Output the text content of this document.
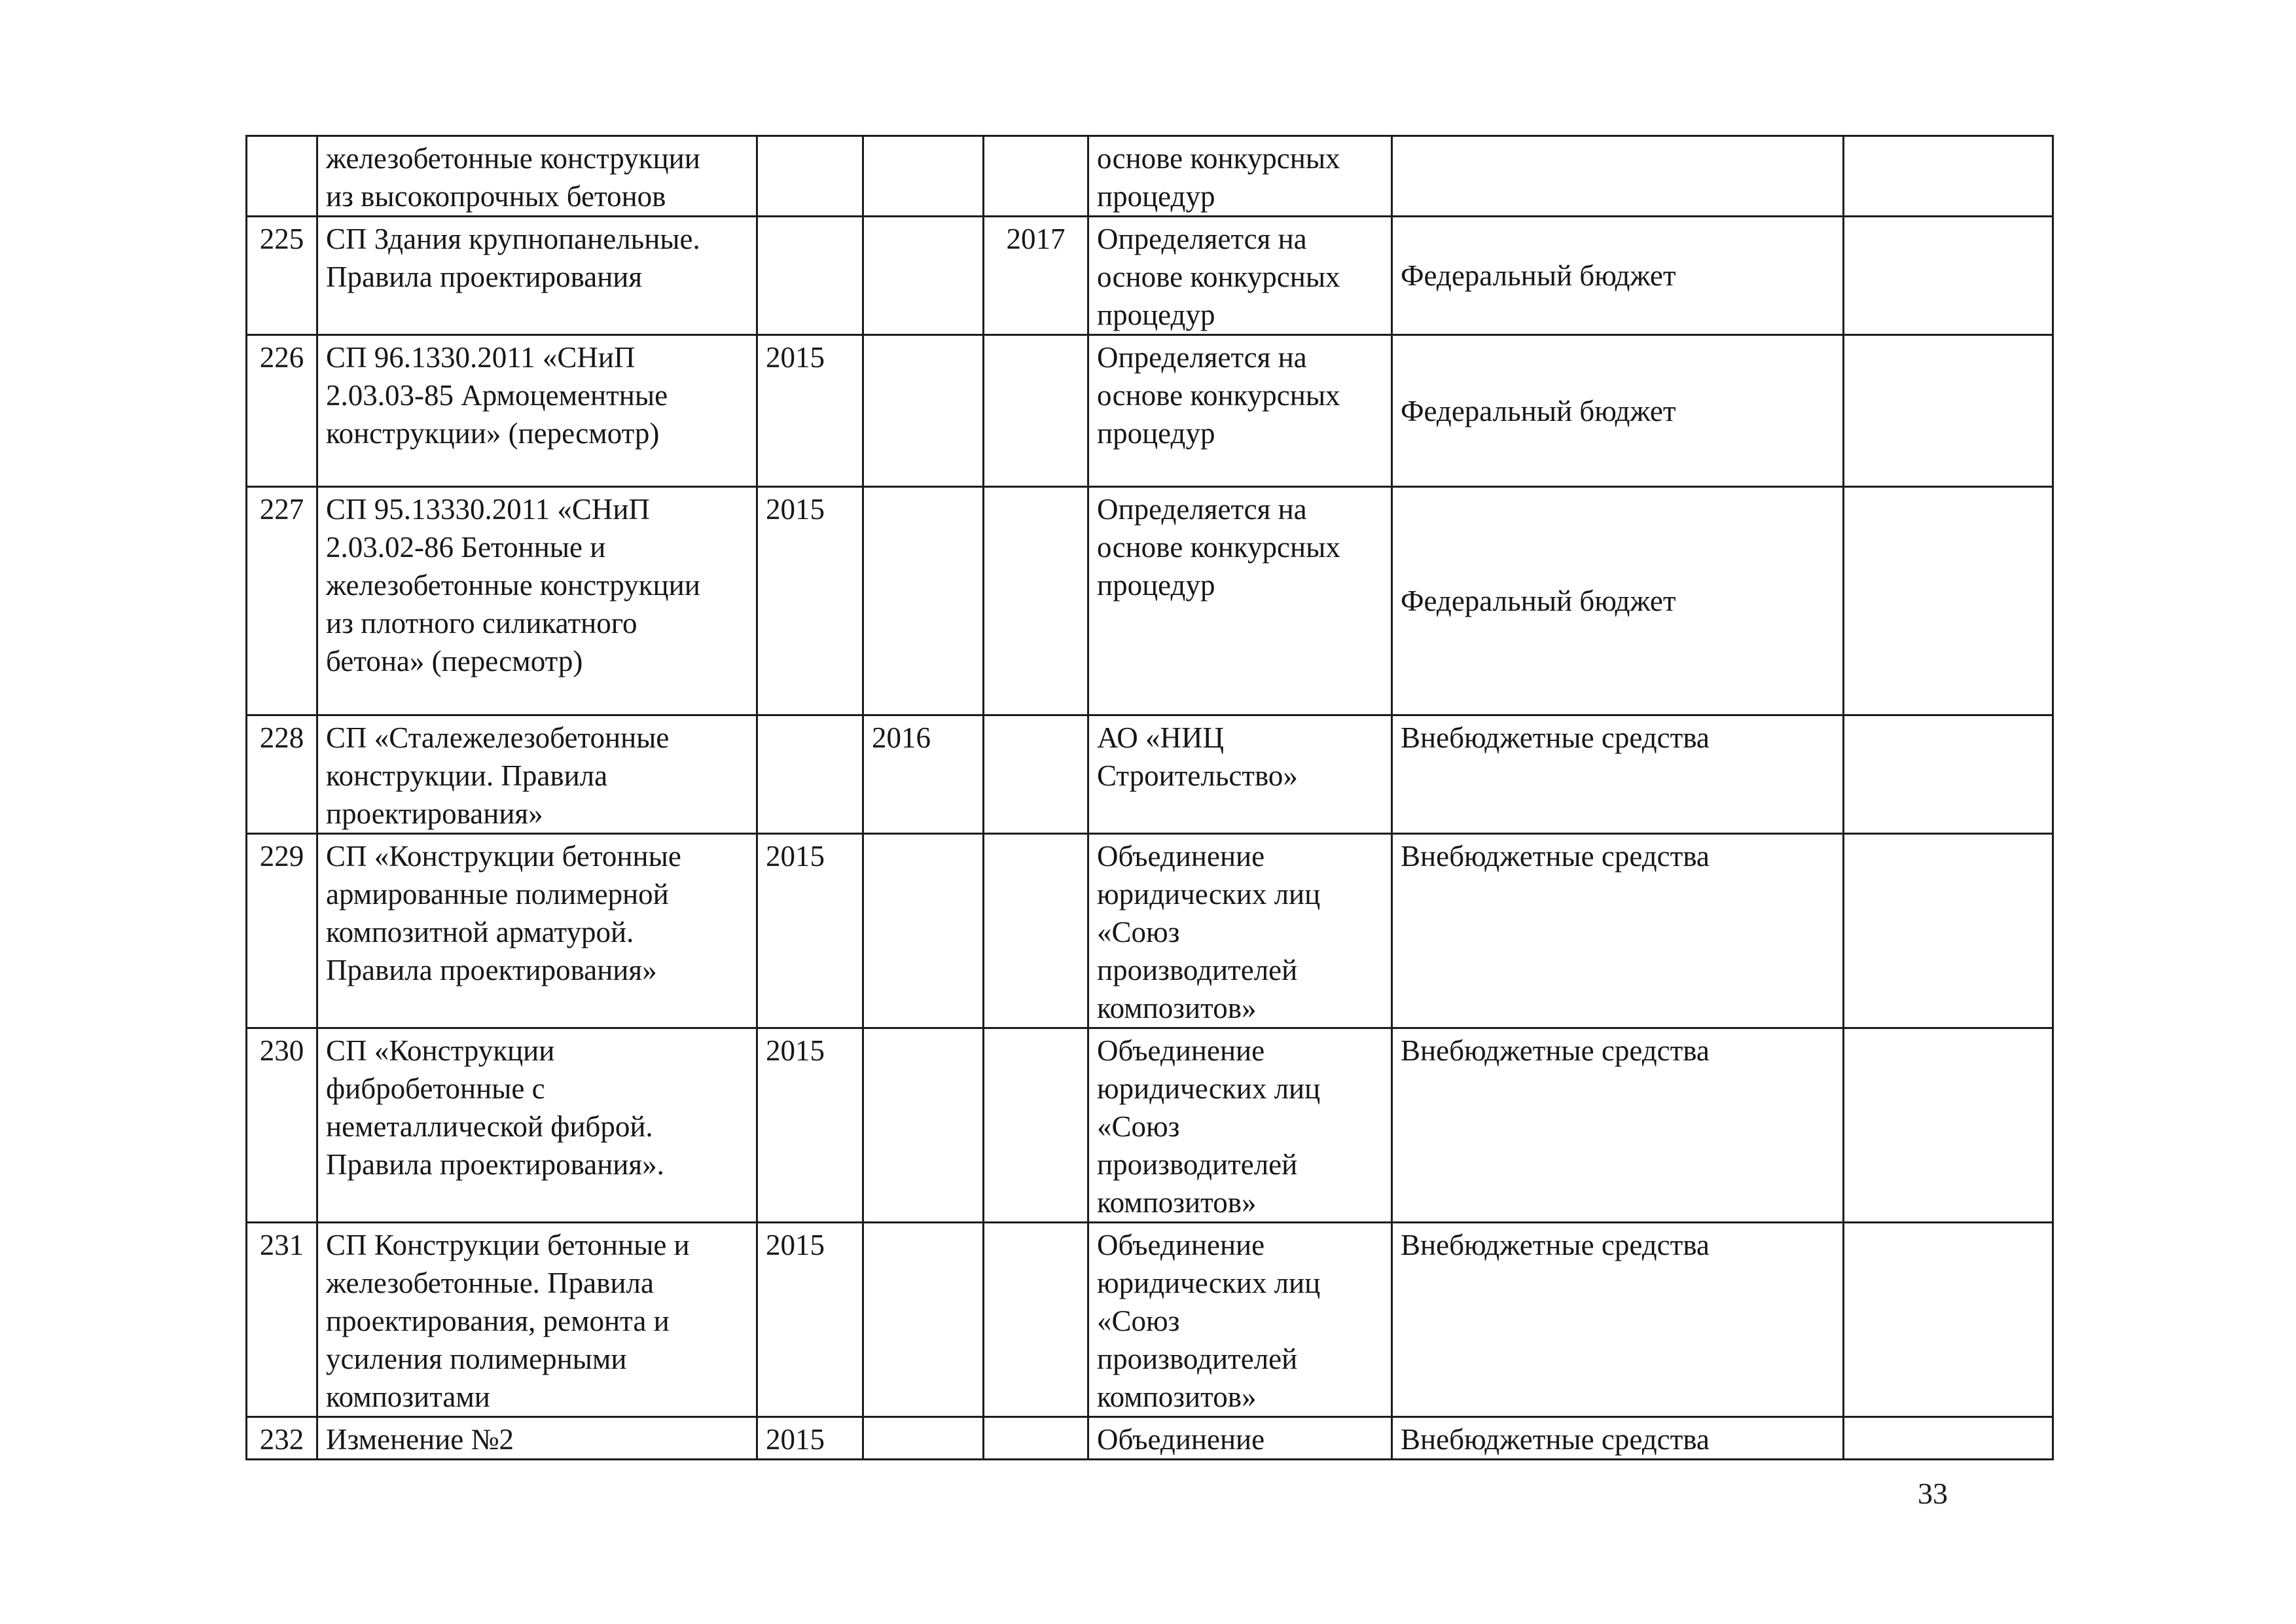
	железобетонные конструкции
из высокопрочных бетонов				основе конкурсных
процедур		
225	СП Здания крупнопанельные.
Правила проектирования			2017	Определяется на
основе конкурсных
процедур	Федеральный бюджет	
226	СП 96.1330.2011 «СНиП
2.03.03-85 Армоцементные
конструкции» (пересмотр)	2015			Определяется на
основе конкурсных
процедур	Федеральный бюджет	
227	СП 95.13330.2011 «СНиП
2.03.02-86 Бетонные и
железобетонные конструкции
из плотного силикатного
бетона» (пересмотр)	2015			Определяется на
основe конкурсных
процедур	Федеральный бюджет	
228	СП «Сталежелезобетонные
конструкции. Правила
проектирования»		2016		АО «НИЦ
Строительство»	Внебюджетные средства	
229	СП «Конструкции бетонные
армированные полимерной
композитной арматурой.
Правила проектирования»	2015			Объединение
юридических лиц
«Союз
производителей
композитов»	Внебюджетные средства	
230	СП «Конструкции
фибробетонные с
неметаллической фиброй.
Правила проектирования».	2015			Объединение
юридических лиц
«Союз
производителей
композитов»	Внебюджетные средства	
231	СП Конструкции бетонные и
железобетонные. Правила
проектирования, ремонта и
усиления полимерными
композитами	2015			Объединение
юридических лиц
«Союз
производителей
композитов»	Внебюджетные средства	
232	Изменение №2	2015			Объединение	Внебюджетные средства	
33
